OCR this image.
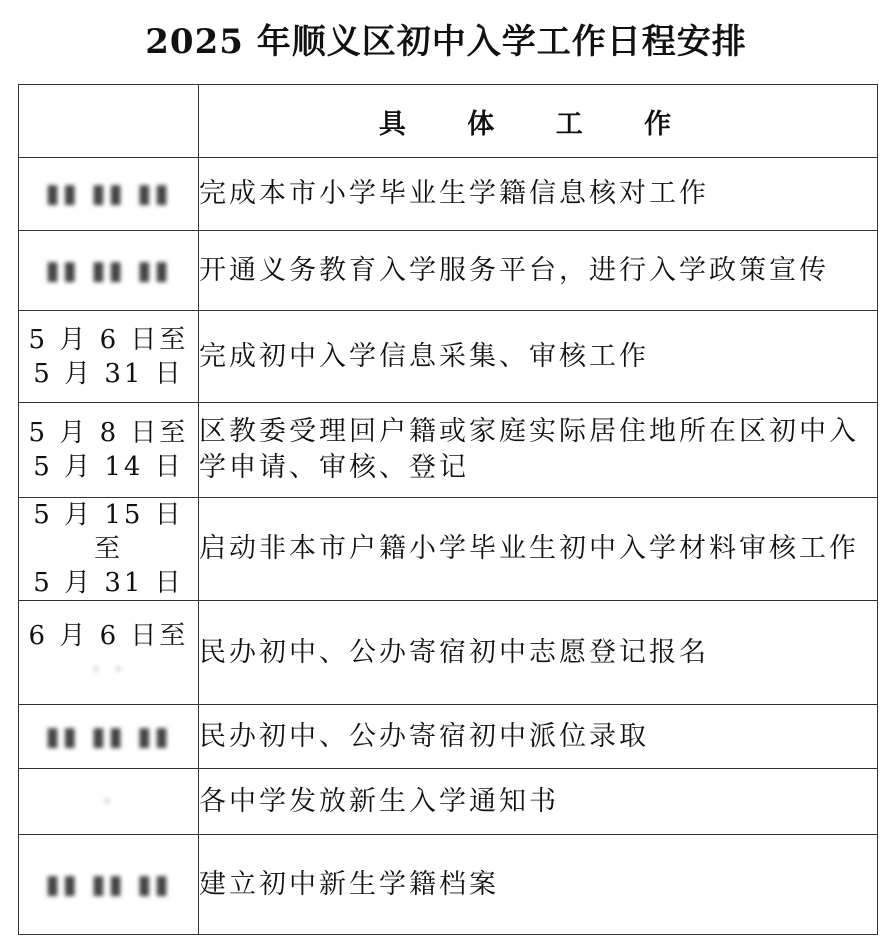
2025 年顺义区初中入学工作日程安排
	具 体 工 作
▮▮ ▮▮ ▮▮	完成本市小学毕业生学籍信息核对工作
▮▮ ▮▮ ▮▮	开通义务教育入学服务平台，进行入学政策宣传

5 月 6 日至
5 月 31 日	完成初中入学信息采集、审核工作

5 月 8 日至
5 月 14 日	区教委受理回户籍或家庭实际居住地所在区初中入学申请、审核、登记

5 月 15 日至
5 月 31 日	启动非本市户籍小学毕业生初中入学材料审核工作

6 月 6 日至
· ·	民办初中、公办寄宿初中志愿登记报名
▮▮ ▮▮ ▮▮	民办初中、公办寄宿初中派位录取
·	各中学发放新生入学通知书
▮▮ ▮▮ ▮▮	建立初中新生学籍档案
